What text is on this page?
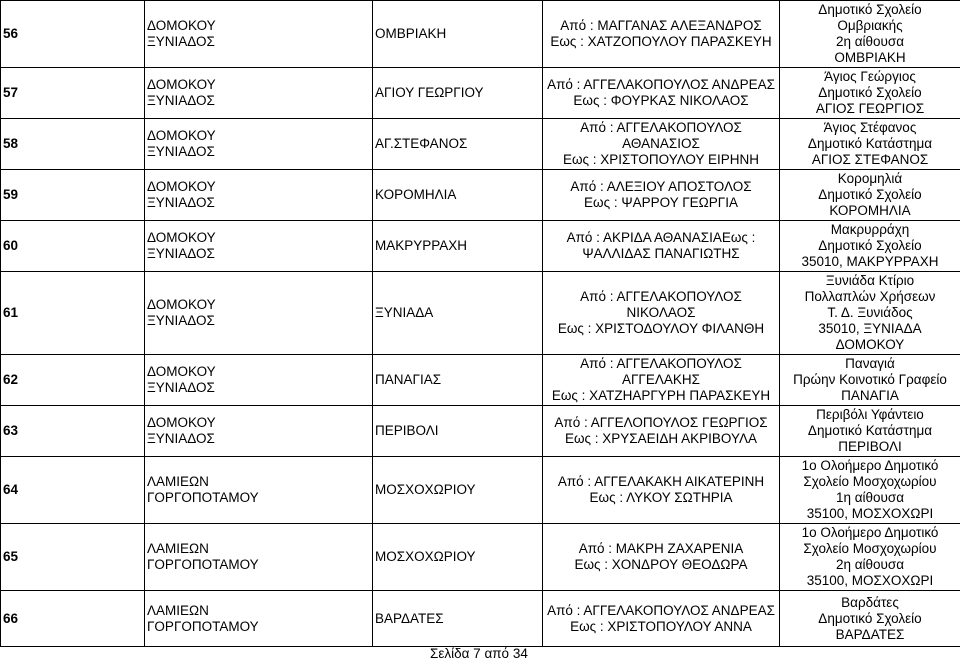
56	ΔΟΜΟΚΟΥ
ΞΥΝΙΑΔΟΣ	ΟΜΒΡΙΑΚΗ	Από : ΜΑΓΓΑΝΑΣ ΑΛΕΞΑΝΔΡΟΣ
Εως : ΧΑΤΖΟΠΟΥΛΟΥ ΠΑΡΑΣΚΕΥΗ	Δημοτικό Σχολείο
Ομβριακής
2η αίθουσα
ΟΜΒΡΙΑΚΗ

57	ΔΟΜΟΚΟΥ
ΞΥΝΙΑΔΟΣ	ΑΓΙΟΥ ΓΕΩΡΓΙΟΥ	Από : ΑΓΓΕΛΑΚΟΠΟΥΛΟΣ ΑΝΔΡΕΑΣ
Εως : ΦΟΥΡΚΑΣ ΝΙΚΟΛΑΟΣ	Άγιος Γεώργιος
Δημοτικό Σχολείο
ΑΓΙΟΣ ΓΕΩΡΓΙΟΣ

58	ΔΟΜΟΚΟΥ
ΞΥΝΙΑΔΟΣ	ΑΓ.ΣΤΕΦΑΝΟΣ	Από : ΑΓΓΕΛΑΚΟΠΟΥΛΟΣ
ΑΘΑΝΑΣΙΟΣ
Εως : ΧΡΙΣΤΟΠΟΥΛΟΥ ΕΙΡΗΝΗ	Άγιος Στέφανος
Δημοτικό Κατάστημα
ΑΓΙΟΣ ΣΤΕΦΑΝΟΣ

59	ΔΟΜΟΚΟΥ
ΞΥΝΙΑΔΟΣ	ΚΟΡΟΜΗΛΙΑ	Από : ΑΛΕΞΙΟΥ ΑΠΟΣΤΟΛΟΣ
Εως : ΨΑΡΡΟΥ ΓΕΩΡΓΙΑ	Κορομηλιά
Δημοτικό Σχολείο
ΚΟΡΟΜΗΛΙΑ

60	ΔΟΜΟΚΟΥ
ΞΥΝΙΑΔΟΣ	ΜΑΚΡΥΡΡΑΧΗ	Από : ΑΚΡΙΔΑ ΑΘΑΝΑΣΙΑΕως :
ΨΑΛΛΙΔΑΣ ΠΑΝΑΓΙΩΤΗΣ	Μακρυρράχη
Δημοτικό Σχολείο
35010, ΜΑΚΡΥΡΡΑΧΗ

61	ΔΟΜΟΚΟΥ
ΞΥΝΙΑΔΟΣ	ΞΥΝΙΑΔΑ	Από : ΑΓΓΕΛΑΚΟΠΟΥΛΟΣ
ΝΙΚΟΛΑΟΣ
Εως : ΧΡΙΣΤΟΔΟΥΛΟΥ ΦΙΛΑΝΘΗ	Ξυνιάδα Κτίριο
Πολλαπλών Χρήσεων
Τ. Δ. Ξυνιάδος
35010, ΞΥΝΙΑΔΑ
ΔΟΜΟΚΟΥ

62	ΔΟΜΟΚΟΥ
ΞΥΝΙΑΔΟΣ	ΠΑΝΑΓΙΑΣ	Από : ΑΓΓΕΛΑΚΟΠΟΥΛΟΣ
ΑΓΓΕΛΑΚΗΣ
Εως : ΧΑΤΖΗΑΡΓΥΡΗ ΠΑΡΑΣΚΕΥΗ	Παναγιά
Πρώην Κοινοτικό Γραφείο
ΠΑΝΑΓΙΑ

63	ΔΟΜΟΚΟΥ
ΞΥΝΙΑΔΟΣ	ΠΕΡΙΒΟΛΙ	Από : ΑΓΓΕΛΟΠΟΥΛΟΣ ΓΕΩΡΓΙΟΣ
Εως : ΧΡΥΣΑΕΙΔΗ ΑΚΡΙΒΟΥΛΑ	Περιβόλι Υφάντειο
Δημοτικό Κατάστημα
ΠΕΡΙΒΟΛΙ

64	ΛΑΜΙΕΩΝ
ΓΟΡΓΟΠΟΤΑΜΟΥ	ΜΟΣΧΟΧΩΡΙΟΥ	Από : ΑΓΓΕΛΑΚΑΚΗ ΑΙΚΑΤΕΡΙΝΗ
Εως : ΛΥΚΟΥ ΣΩΤΗΡΙΑ	1ο Ολοήμερο Δημοτικό
Σχολείο Μοσχοχωρίου
1η αίθουσα
35100, ΜΟΣΧΟΧΩΡΙ

65	ΛΑΜΙΕΩΝ
ΓΟΡΓΟΠΟΤΑΜΟΥ	ΜΟΣΧΟΧΩΡΙΟΥ	Από : ΜΑΚΡΗ ΖΑΧΑΡΕΝΙΑ
Εως : ΧΟΝΔΡΟΥ ΘΕΟΔΩΡΑ	1ο Ολοήμερο Δημοτικό
Σχολείο Μοσχοχωρίου
2η αίθουσα
35100, ΜΟΣΧΟΧΩΡΙ

66	ΛΑΜΙΕΩΝ
ΓΟΡΓΟΠΟΤΑΜΟΥ	ΒΑΡΔΑΤΕΣ	Από : ΑΓΓΕΛΑΚΟΠΟΥΛΟΣ ΑΝΔΡΕΑΣ
Εως : ΧΡΙΣΤΟΠΟΥΛΟΥ ΑΝΝΑ	Βαρδάτες
Δημοτικό Σχολείο
ΒΑΡΔΑΤΕΣ
Σελίδα 7 από 34
